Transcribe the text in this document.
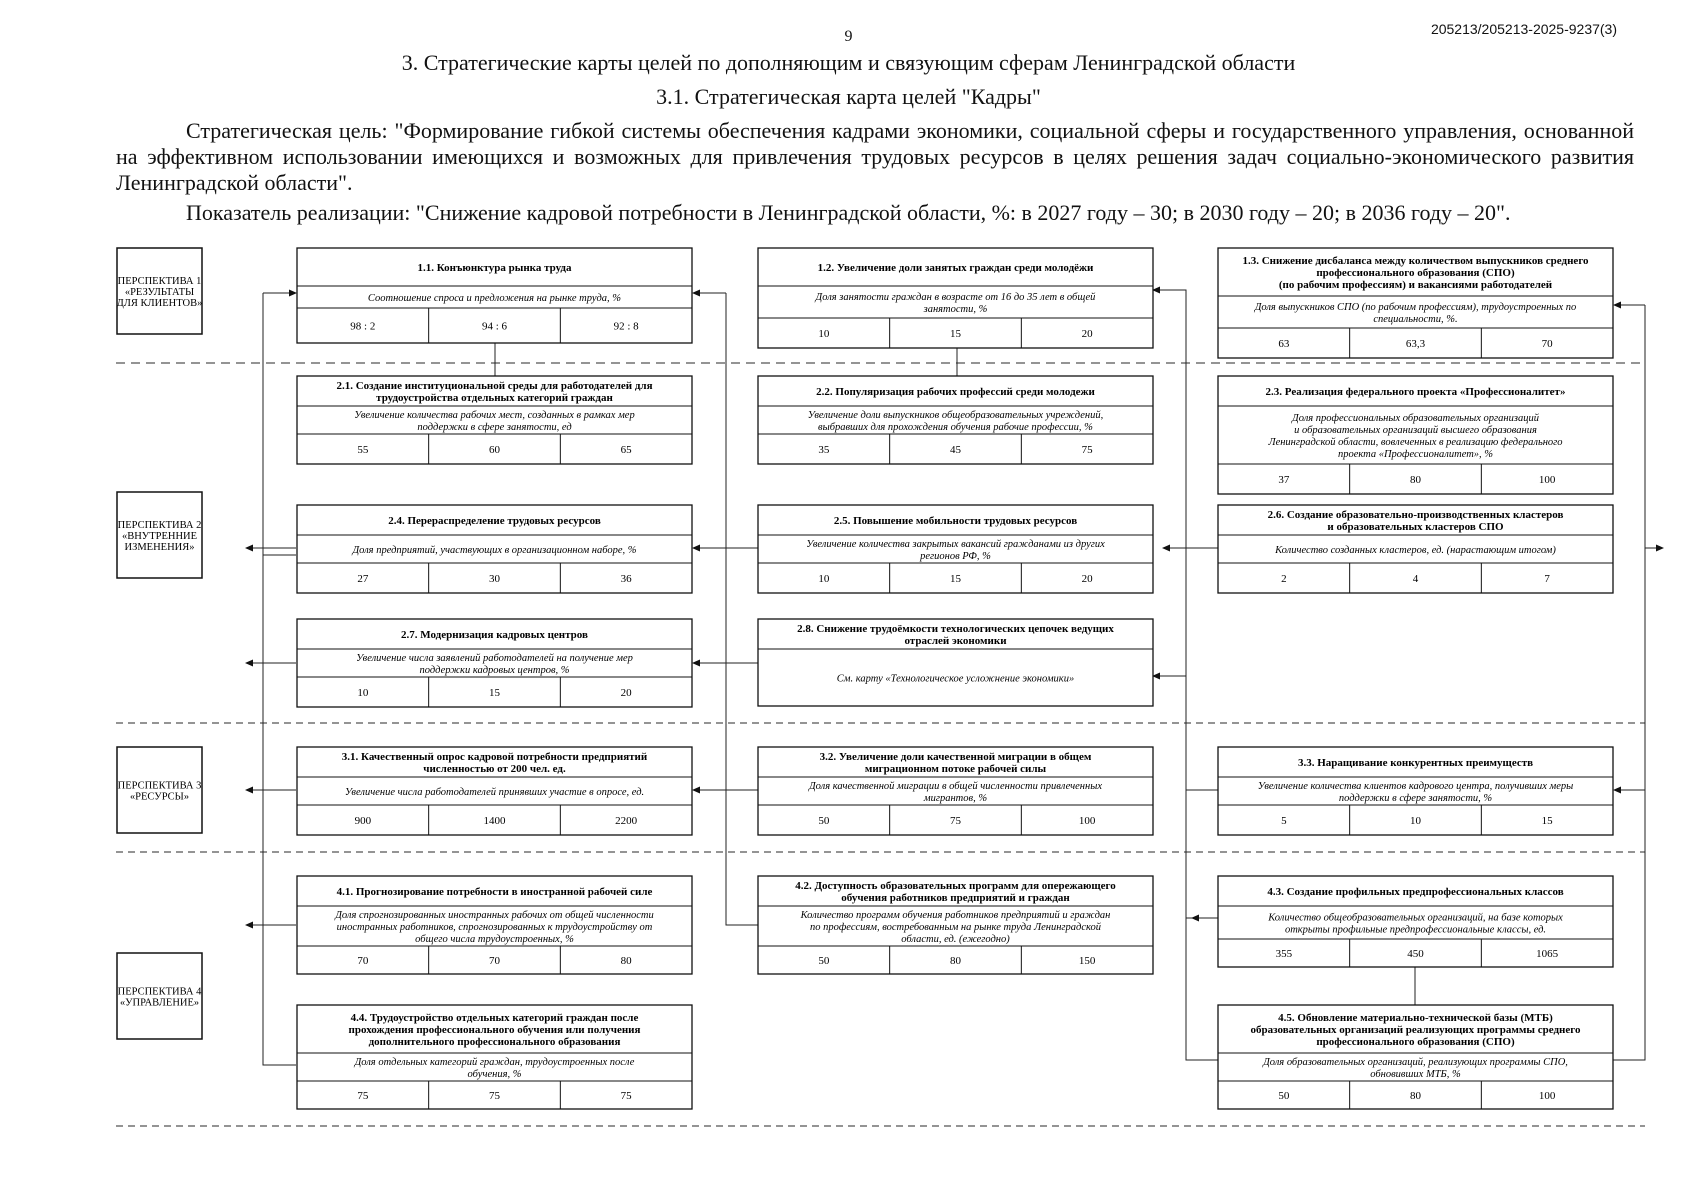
9	205213/205213-2025-9237(3)
3. Стратегические карты целей по дополняющим и связующим сферам Ленинградской области
3.1. Стратегическая карта целей "Кадры"
Стратегическая цель: "Формирование гибкой системы обеспечения кадрами экономики, социальной сферы и государственного управления, основанной на эффективном использовании имеющихся и возможных для привлечения трудовых ресурсов в целях решения задач социально-экономического развития Ленинградской области".
Показатель реализации: "Снижение кадровой потребности в Ленинградской области, %: в 2027 году – 30; в 2030 году – 20; в 2036 году – 20".
ПЕРСПЕКТИВА 1
«РЕЗУЛЬТАТЫ
ДЛЯ КЛИЕНТОВ»
ПЕРСПЕКТИВА 2
«ВНУТРЕННИЕ
ИЗМЕНЕНИЯ»
ПЕРСПЕКТИВА 3
«РЕСУРСЫ»
ПЕРСПЕКТИВА 4
«УПРАВЛЕНИЕ»
1.1. Конъюнктура рынка труда
Соотношение спроса и предложения на рынке труда, %
98 : 2	94 : 6	92 : 8
1.2. Увеличение доли занятых граждан среди молодёжи
Доля занятости граждан в возрасте от 16 до 35 лет в общей
занятости, %
10	15	20
1.3. Снижение дисбаланса между количеством выпускников среднего
профессионального образования (СПО)
(по рабочим профессиям) и вакансиями работодателей
Доля выпускников СПО (по рабочим профессиям), трудоустроенных по
специальности, %.
63	63,3	70
2.1. Создание институциональной среды для работодателей для
трудоустройства отдельных категорий граждан
Увеличение количества рабочих мест, созданных в рамках мер
поддержки в сфере занятости, ед
55	60	65
2.2. Популяризация рабочих профессий среди молодежи
Увеличение доли выпускников общеобразовательных учреждений,
выбравших для прохождения обучения рабочие профессии, %
35	45	75
2.3. Реализация федерального проекта «Профессионалитет»
Доля профессиональных образовательных организаций
и образовательных организаций высшего образования
Ленинградской области, вовлеченных в реализацию федерального
проекта «Профессионалитет», %
37	80	100
2.4. Перераспределение трудовых ресурсов
Доля предприятий, участвующих в организационном наборе, %
27	30	36
2.5. Повышение мобильности трудовых ресурсов
Увеличение количества закрытых вакансий гражданами из других
регионов РФ, %
10	15	20
2.6. Создание образовательно-производственных кластеров
и образовательных кластеров СПО
Количество созданных кластеров, ед. (нарастающим итогом)
2	4	7
2.7. Модернизация кадровых центров
Увеличение числа заявлений работодателей на получение мер
поддержки кадровых центров, %
10	15	20
2.8. Снижение трудоёмкости технологических цепочек ведущих
отраслей экономики
См. карту «Технологическое усложнение экономики»
3.1. Качественный опрос кадровой потребности предприятий
численностью от 200 чел. ед.
Увеличение числа работодателей принявших участие в опросе, ед.
900	1400	2200
3.2. Увеличение доли качественной миграции в общем
миграционном потоке рабочей силы
Доля качественной миграции в общей численности привлеченных
мигрантов, %
50	75	100
3.3. Наращивание конкурентных преимуществ
Увеличение количества клиентов кадрового центра, получивших меры
поддержки в сфере занятости, %
5	10	15
4.1. Прогнозирование потребности в иностранной рабочей силе
Доля спрогнозированных иностранных рабочих от общей численности
иностранных работников, спрогнозированных к трудоустройству от
общего числа трудоустроенных, %
70	70	80
4.2. Доступность образовательных программ для опережающего
обучения работников предприятий и граждан
Количество программ обучения работников предприятий и граждан
по профессиям, востребованным на рынке труда Ленинградской
области, ед. (ежегодно)
50	80	150
4.3. Создание профильных предпрофессиональных классов
Количество общеобразовательных организаций, на базе которых
открыты профильные предпрофессиональные классы, ед.
355	450	1065
4.4. Трудоустройство отдельных категорий граждан после
прохождения профессионального обучения или получения
дополнительного профессионального образования
Доля отдельных категорий граждан, трудоустроенных после
обучения, %
75	75	75
4.5. Обновление материально-технической базы (МТБ)
образовательных организаций реализующих программы среднего
профессионального образования (СПО)
Доля образовательных организаций, реализующих программы СПО,
обновивших МТБ, %
50	80	100
